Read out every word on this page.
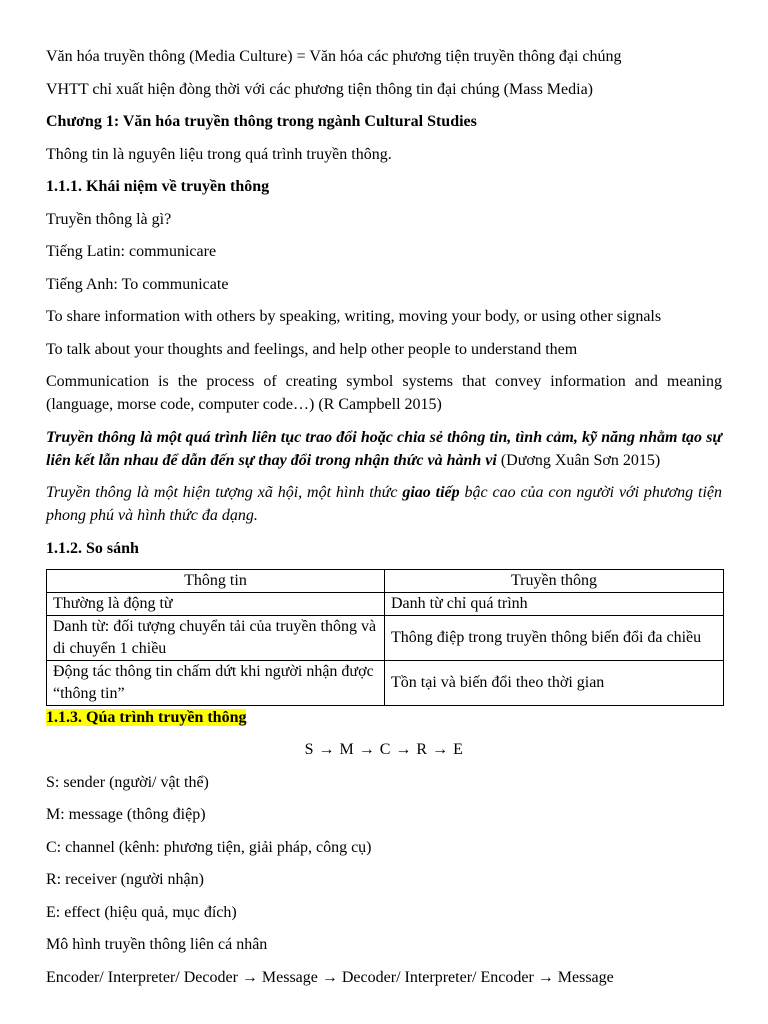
Văn hóa truyền thông (Media Culture) = Văn hóa các phương tiện truyền thông đại chúng

VHTT chỉ xuất hiện đòng thời với các phương tiện thông tin đại chúng (Mass Media)

Chương 1: Văn hóa truyền thông trong ngành Cultural Studies

Thông tin là nguyên liệu trong quá trình truyền thông.

1.1.1. Khái niệm về truyền thông

Truyền thông là gì?

Tiếng Latin: communicare

Tiếng Anh: To communicate

To share information with others by speaking, writing, moving your body, or using other signals

To talk about your thoughts and feelings, and help other people to understand them

Communication is the process of creating symbol systems that convey information and meaning (language, morse code, computer code…) (R Campbell 2015)

Truyền thông là một quá trình liên tục trao đổi hoặc chia sẻ thông tin, tình cảm, kỹ năng nhằm tạo sự liên kết lẫn nhau để dẫn đến sự thay đổi trong nhận thức và hành vi (Dương Xuân Sơn 2015)

Truyền thông là một hiện tượng xã hội, một hình thức giao tiếp bậc cao của con người với phương tiện phong phú và hình thức đa dạng.

1.1.2. So sánh

Thông tin	Truyền thông
Thường là động từ	Danh từ chỉ quá trình
Danh từ: đối tượng chuyển tải của truyền thông và di chuyển 1 chiều	Thông điệp trong truyền thông biến đổi đa chiều
Động tác thông tin chấm dứt khi người nhận được “thông tin”	Tồn tại và biến đổi theo thời gian

1.1.3. Qúa trình truyền thông

S → M → C → R → E

S: sender (người/ vật thể)

M: message (thông điệp)

C: channel (kênh: phương tiện, giải pháp, công cụ)

R: receiver (người nhận)

E: effect (hiệu quả, mục đích)

Mô hình truyền thông liên cá nhân

Encoder/ Interpreter/ Decoder → Message → Decoder/ Interpreter/ Encoder → Message
